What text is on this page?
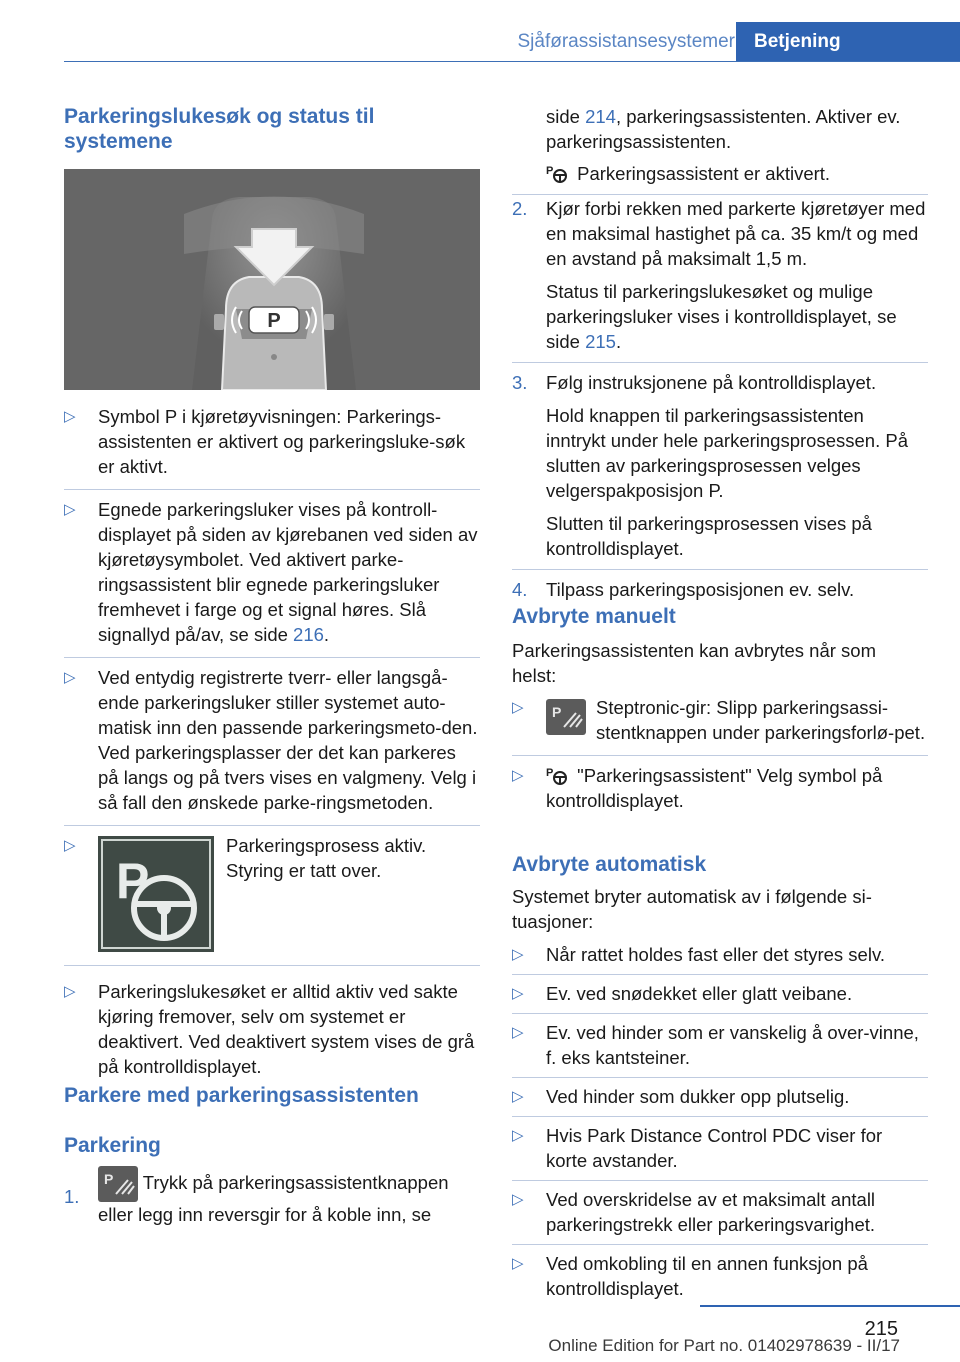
Sjåførassistansesystemer	Betjening
Parkeringslukesøk og status til systemene
P
▷ Symbol P i kjøretøyvisningen: Parkerings-assistenten er aktivert og parkeringsluke-søk er aktivt.
▷ Egnede parkeringsluker vises på kontroll-displayet på siden av kjørebanen ved siden av kjøretøysymbolet. Ved aktivert parke-ringsassistent blir egnede parkeringsluker fremhevet i farge og et signal høres. Slå signallyd på/av, se side 216.
▷ Ved entydig registrerte tverr- eller langsgå-ende parkeringsluker stiller systemet auto-matisk inn den passende parkeringsmeto-den. Ved parkeringsplasser der det kan parkeres på langs og på tvers vises en valgmeny. Velg i så fall den ønskede parke-ringsmetoden.
▷
P
Parkeringsprosess aktiv. Styring er tatt over.
▷ Parkeringslukesøket er alltid aktiv ved sakte kjøring fremover, selv om systemet er deaktivert. Ved deaktivert system vises de grå på kontrolldisplayet.
Parkere med parkeringsassistenten
Parkering
1.
P Trykk på parkeringsassistentknappen eller legg inn reversgir for å koble inn, se
side 214, parkeringsassistenten. Aktiver ev. parkeringsassistenten.
P Parkeringsassistent er aktivert.
2. Kjør forbi rekken med parkerte kjøretøyer med en maksimal hastighet på ca. 35 km/t og med en avstand på maksimalt 1,5 m.
Status til parkeringslukesøket og mulige parkeringsluker vises i kontrolldisplayet, se side 215.
3. Følg instruksjonene på kontrolldisplayet.
Hold knappen til parkeringsassistenten inntrykt under hele parkeringsprosessen. På slutten av parkeringsprosessen velges velgerspakposisjon P.
Slutten til parkeringsprosessen vises på kontrolldisplayet.
4. Tilpass parkeringsposisjonen ev. selv.
Avbryte manuelt
Parkeringsassistenten kan avbrytes når som helst:
▷ P Steptronic-gir: Slipp parkeringsassi-stentknappen under parkeringsforlø-pet.
▷ P "Parkeringsassistent" Velg symbol på kontrolldisplayet.
Avbryte automatisk
Systemet bryter automatisk av i følgende si-tuasjoner:
▷ Når rattet holdes fast eller det styres selv.
▷ Ev. ved snødekket eller glatt veibane.
▷ Ev. ved hinder som er vanskelig å over-vinne, f. eks kantsteiner.
▷ Ved hinder som dukker opp plutselig.
▷ Hvis Park Distance Control PDC viser for korte avstander.
▷ Ved overskridelse av et maksimalt antall parkeringstrekk eller parkeringsvarighet.
▷ Ved omkobling til en annen funksjon på kontrolldisplayet.
215
Online Edition for Part no. 01402978639 - II/17
